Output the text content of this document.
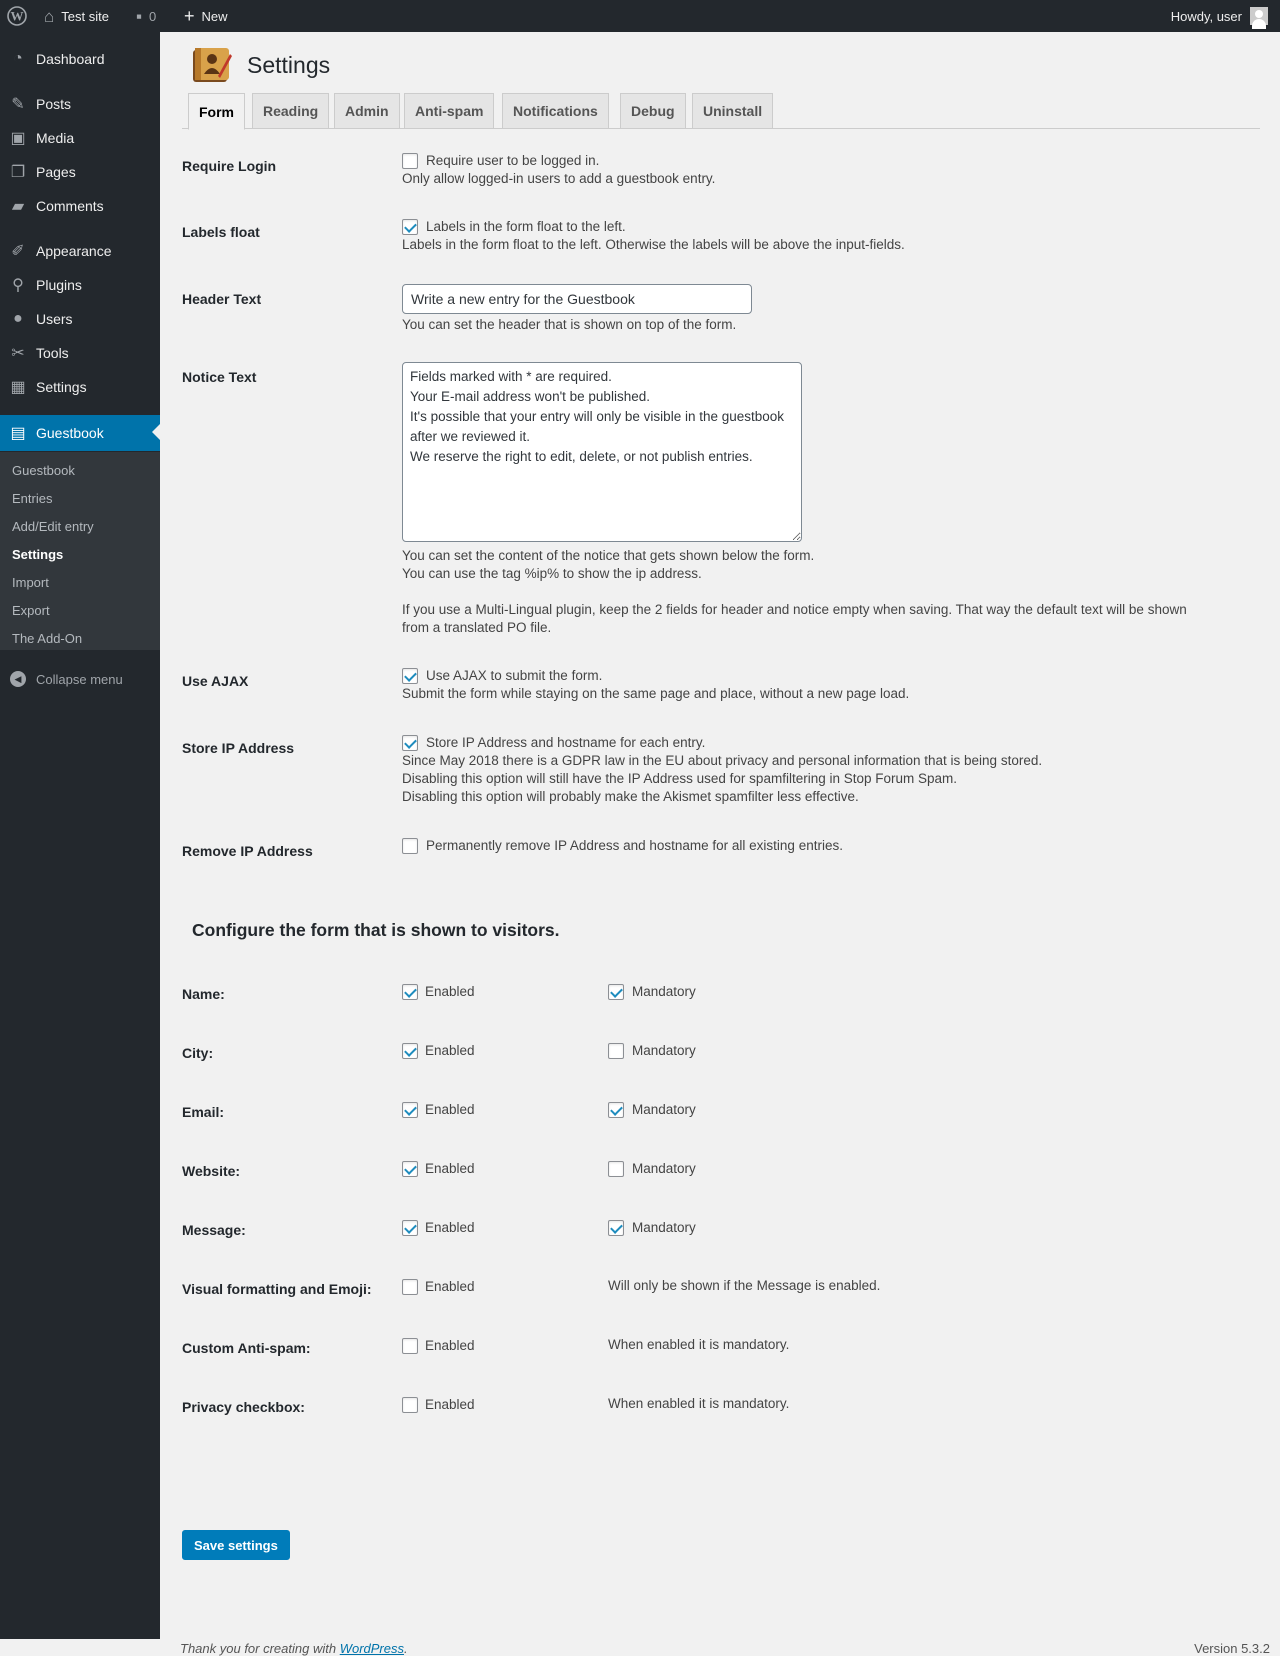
W ⌂ Test site ▪ 0 + New	Howdy, user
◔ Dashboard
✎ Posts
▣ Media
❐ Pages
▰ Comments
✐ Appearance
⚲ Plugins
● Users
✂ Tools
▦ Settings
▤ Guestbook
Guestbook
Entries
Add/Edit entry
Settings
Import
Export
The Add-On
◀	Collapse menu
Settings
Form	Reading	Admin	Anti-spam	Notifications	Debug	Uninstall
Require Login	Require user to be logged in.
Only allow logged-in users to add a guestbook entry.
Labels float	Labels in the form float to the left.
Labels in the form float to the left. Otherwise the labels will be above the input-fields.
Header Text
Write a new entry for the Guestbook
You can set the header that is shown on top of the form.
Notice Text
Fields marked with * are required. Your E-mail address won't be published. It's possible that your entry will only be visible in the guestbook after we reviewed it. We reserve the right to edit, delete, or not publish entries.
You can set the content of the notice that gets shown below the form.
You can use the tag %ip% to show the ip address.
If you use a Multi-Lingual plugin, keep the 2 fields for header and notice empty when saving. That way the default text will be shown
from a translated PO file.
Use AJAX	Use AJAX to submit the form.
Submit the form while staying on the same page and place, without a new page load.
Store IP Address	Store IP Address and hostname for each entry.
Since May 2018 there is a GDPR law in the EU about privacy and personal information that is being stored.
Disabling this option will still have the IP Address used for spamfiltering in Stop Forum Spam.
Disabling this option will probably make the Akismet spamfilter less effective.
Remove IP Address	Permanently remove IP Address and hostname for all existing entries.
Configure the form that is shown to visitors.
Name:	Enabled	Mandatory
City:	Enabled	Mandatory
Email:	Enabled	Mandatory
Website:	Enabled	Mandatory
Message:	Enabled	Mandatory
Visual formatting and Emoji:	Enabled	Will only be shown if the Message is enabled.
Custom Anti-spam:	Enabled	When enabled it is mandatory.
Privacy checkbox:	Enabled	When enabled it is mandatory.
Save settings
Thank you for creating with WordPress.	Version 5.3.2
